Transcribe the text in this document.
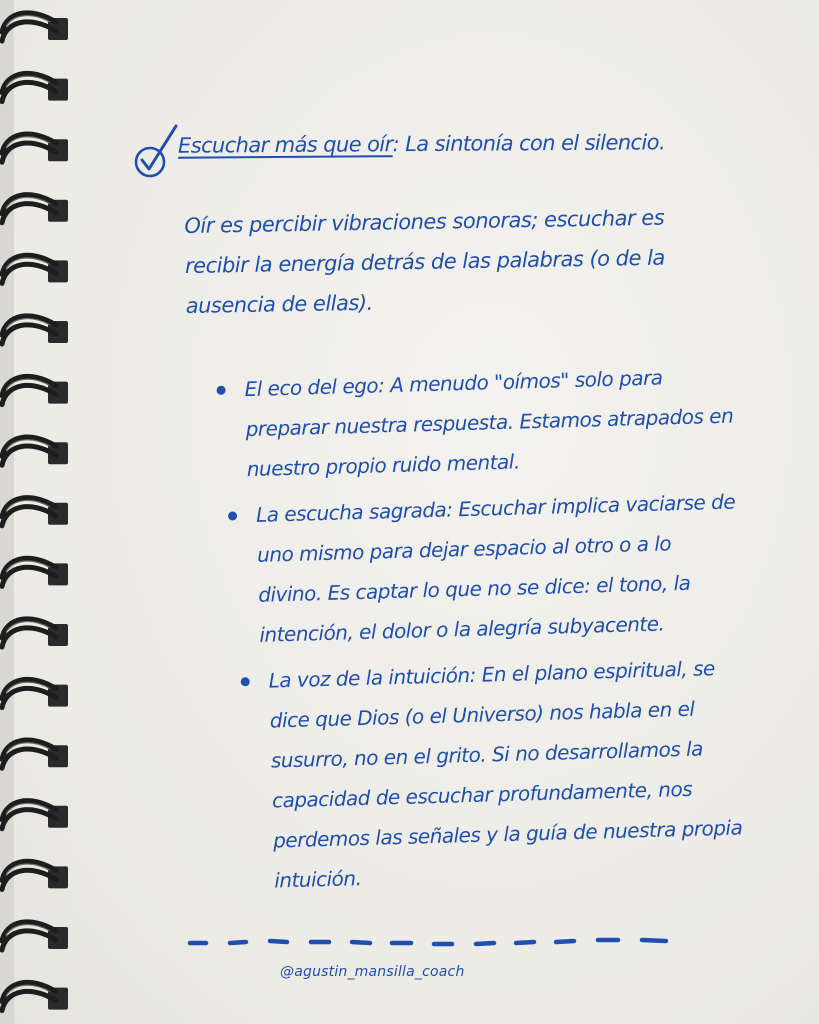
Escuchar más que oír: La sintonía con el silencio.
Oír es percibir vibraciones sonoras; escuchar es recibir la energía detrás de las palabras (o de la ausencia de ellas).
El eco del ego: A menudo "oímos" solo para preparar nuestra respuesta. Estamos atrapados en nuestro propio ruido mental.
La escucha sagrada: Escuchar implica vaciarse de uno mismo para dejar espacio al otro o a lo divino. Es captar lo que no se dice: el tono, la intención, el dolor o la alegría subyacente.
La voz de la intuición: En el plano espiritual, se dice que Dios (o el Universo) nos habla en el susurro, no en el grito. Si no desarrollamos la capacidad de escuchar profundamente, nos perdemos las señales y la guía de nuestra propia intuición.
@agustin_mansilla_coach
